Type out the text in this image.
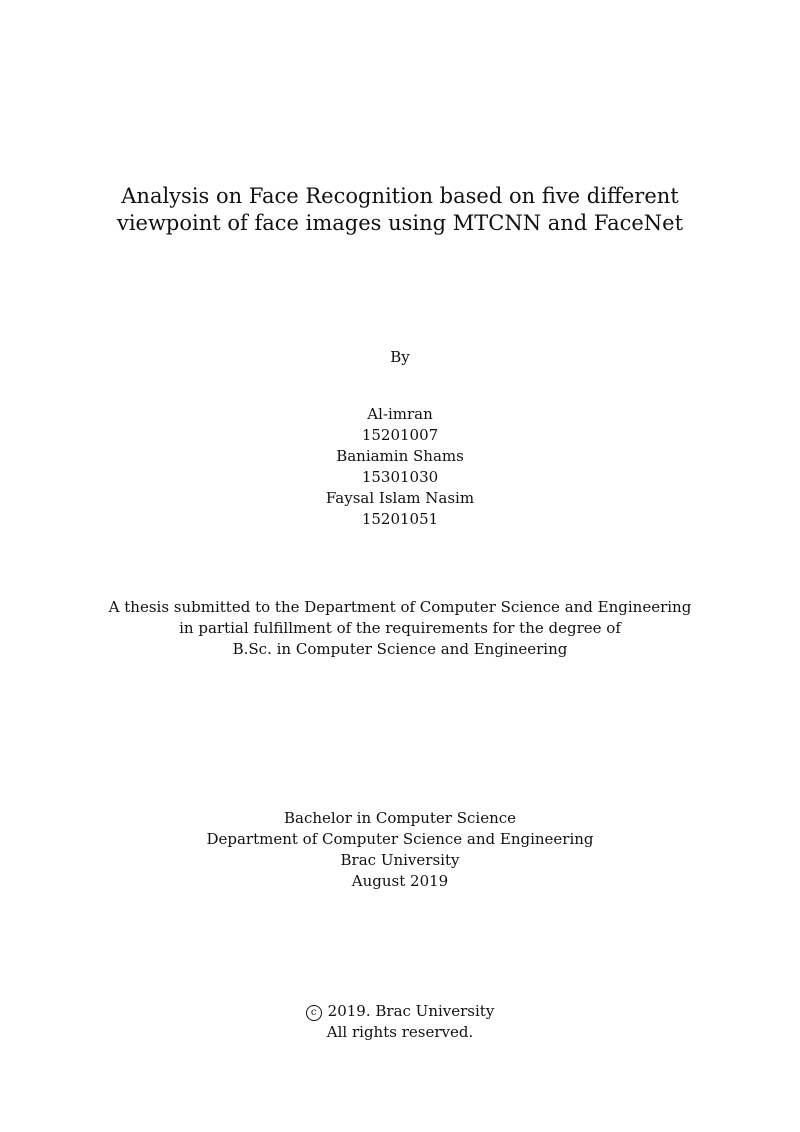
Analysis on Face Recognition based on five different
viewpoint of face images using MTCNN and FaceNet
By
Al-imran
15201007
Baniamin Shams
15301030
Faysal Islam Nasim
15201051
A thesis submitted to the Department of Computer Science and Engineering
in partial fulfillment of the requirements for the degree of
B.Sc. in Computer Science and Engineering
Bachelor in Computer Science
Department of Computer Science and Engineering
Brac University
August 2019
c 2019. Brac University
All rights reserved.
